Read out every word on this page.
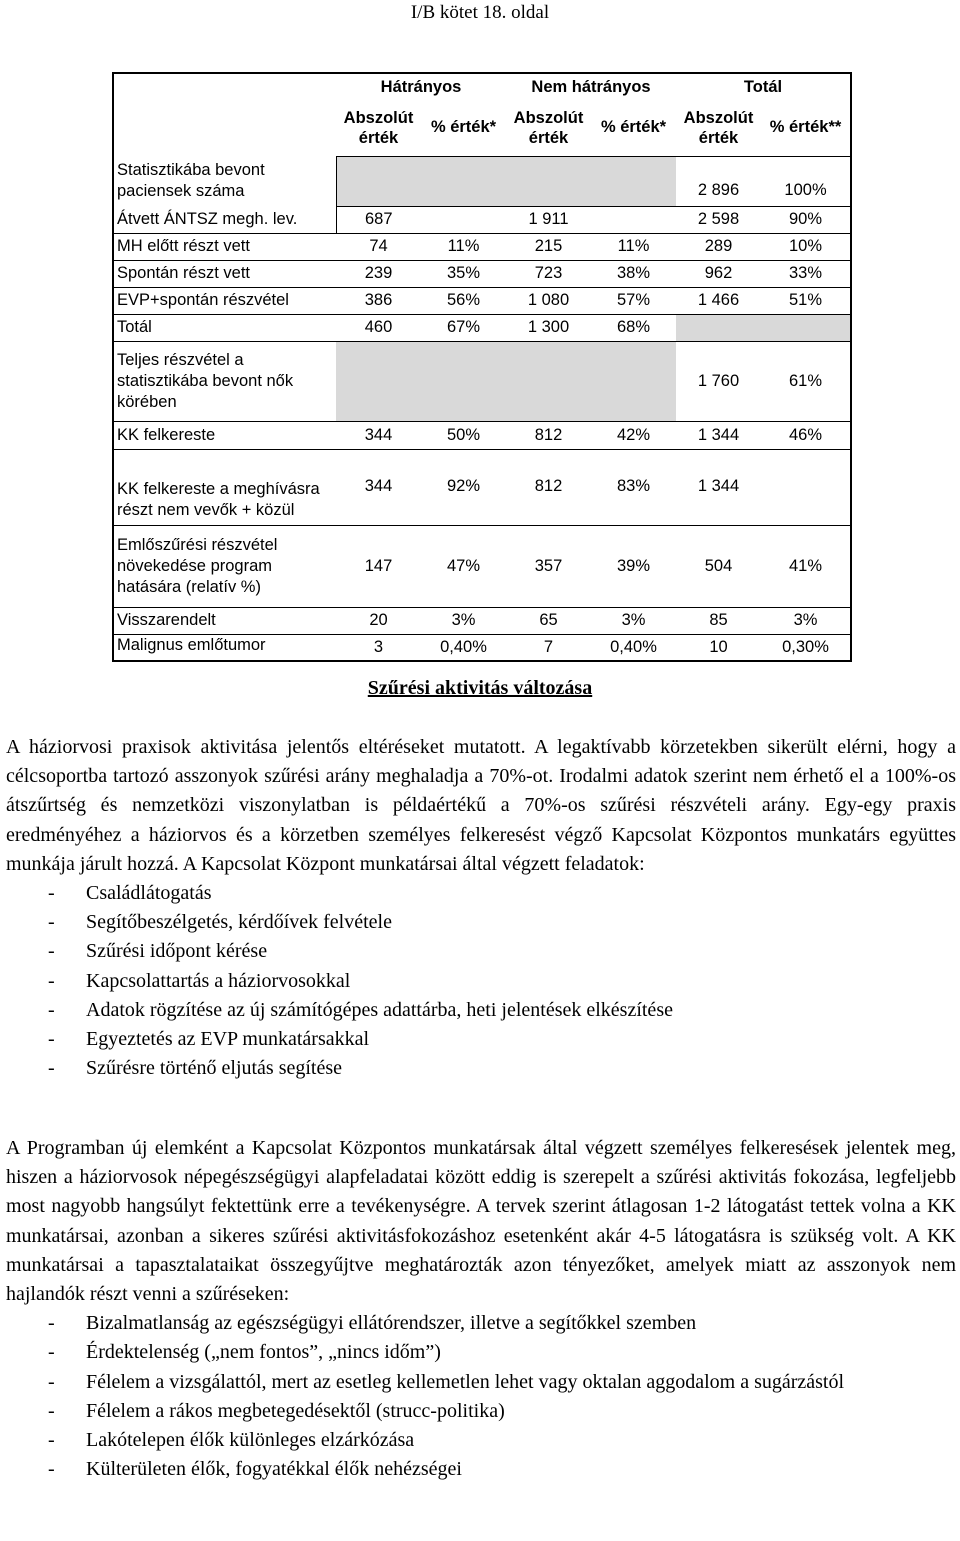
I/B kötet 18. oldal
	Hátrányos		Nem hátrányos		Totál	
	Abszolút érték	% érték*	Abszolút érték	% érték*	Abszolút érték	% érték**
Statisztikába bevont paciensek száma					2 896	100%
Átvett ÁNTSZ megh. lev.	687		1 911		2 598	90%
MH előtt részt vett	74	11%	215	11%	289	10%
Spontán részt vett	239	35%	723	38%	962	33%
EVP+spontán részvétel	386	56%	1 080	57%	1 466	51%
Totál	460	67%	1 300	68%		
Teljes részvétel a statisztikába bevont nők körében					1 760	61%
KK felkereste	344	50%	812	42%	1 344	46%

KK felkereste a meghívásra részt nem vevők + közül	344	92%	812	83%	1 344	
Emlőszűrési részvétel növekedése program hatására (relatív %)	147	47%	357	39%	504	41%
Visszarendelt	20	3%	65	3%	85	3%
Malignus emlőtumor	3	0,40%	7	0,40%	10	0,30%
Szűrési aktivitás változása

A háziorvosi praxisok aktivitása jelentős eltéréseket mutatott. A legaktívabb körzetekben sikerült elérni, hogy a célcsoportba tartozó asszonyok szűrési arány meghaladja a 70%-ot. Irodalmi adatok szerint nem érhető el a 100%-os átszűrtség és nemzetközi viszonylatban is példaértékű a 70%-os szűrési részvételi arány. Egy-egy praxis eredményéhez a háziorvos és a körzetben személyes felkeresést végző Kapcsolat Központos munkatárs együttes munkája járult hozzá. A Kapcsolat Központ munkatársai által végzett feladatok:

- Családlátogatás
- Segítőbeszélgetés, kérdőívek felvétele
- Szűrési időpont kérése
- Kapcsolattartás a háziorvosokkal
- Adatok rögzítése az új számítógépes adattárba, heti jelentések elkészítése
- Egyeztetés az EVP munkatársakkal
- Szűrésre történő eljutás segítése

A Programban új elemként a Kapcsolat Központos munkatársak által végzett személyes felkeresések jelentek meg, hiszen a háziorvosok népegészségügyi alapfeladatai között eddig is szerepelt a szűrési aktivitás fokozása, legfeljebb most nagyobb hangsúlyt fektettünk erre a tevékenységre. A tervek szerint átlagosan 1-2 látogatást tettek volna a KK munkatársai, azonban a sikeres szűrési aktivitásfokozáshoz esetenként akár 4-5 látogatásra is szükség volt. A KK munkatársai a tapasztalataikat összegyűjtve meghatározták azon tényezőket, amelyek miatt az asszonyok nem hajlandók részt venni a szűréseken:

- Bizalmatlanság az egészségügyi ellátórendszer, illetve a segítőkkel szemben
- Érdektelenség („nem fontos”, „nincs időm”)
- Félelem a vizsgálattól, mert az esetleg kellemetlen lehet vagy oktalan aggodalom a sugárzástól
- Félelem a rákos megbetegedésektől (strucc-politika)
- Lakótelepen élők különleges elzárkózása
- Külterületen élők, fogyatékkal élők nehézségei
